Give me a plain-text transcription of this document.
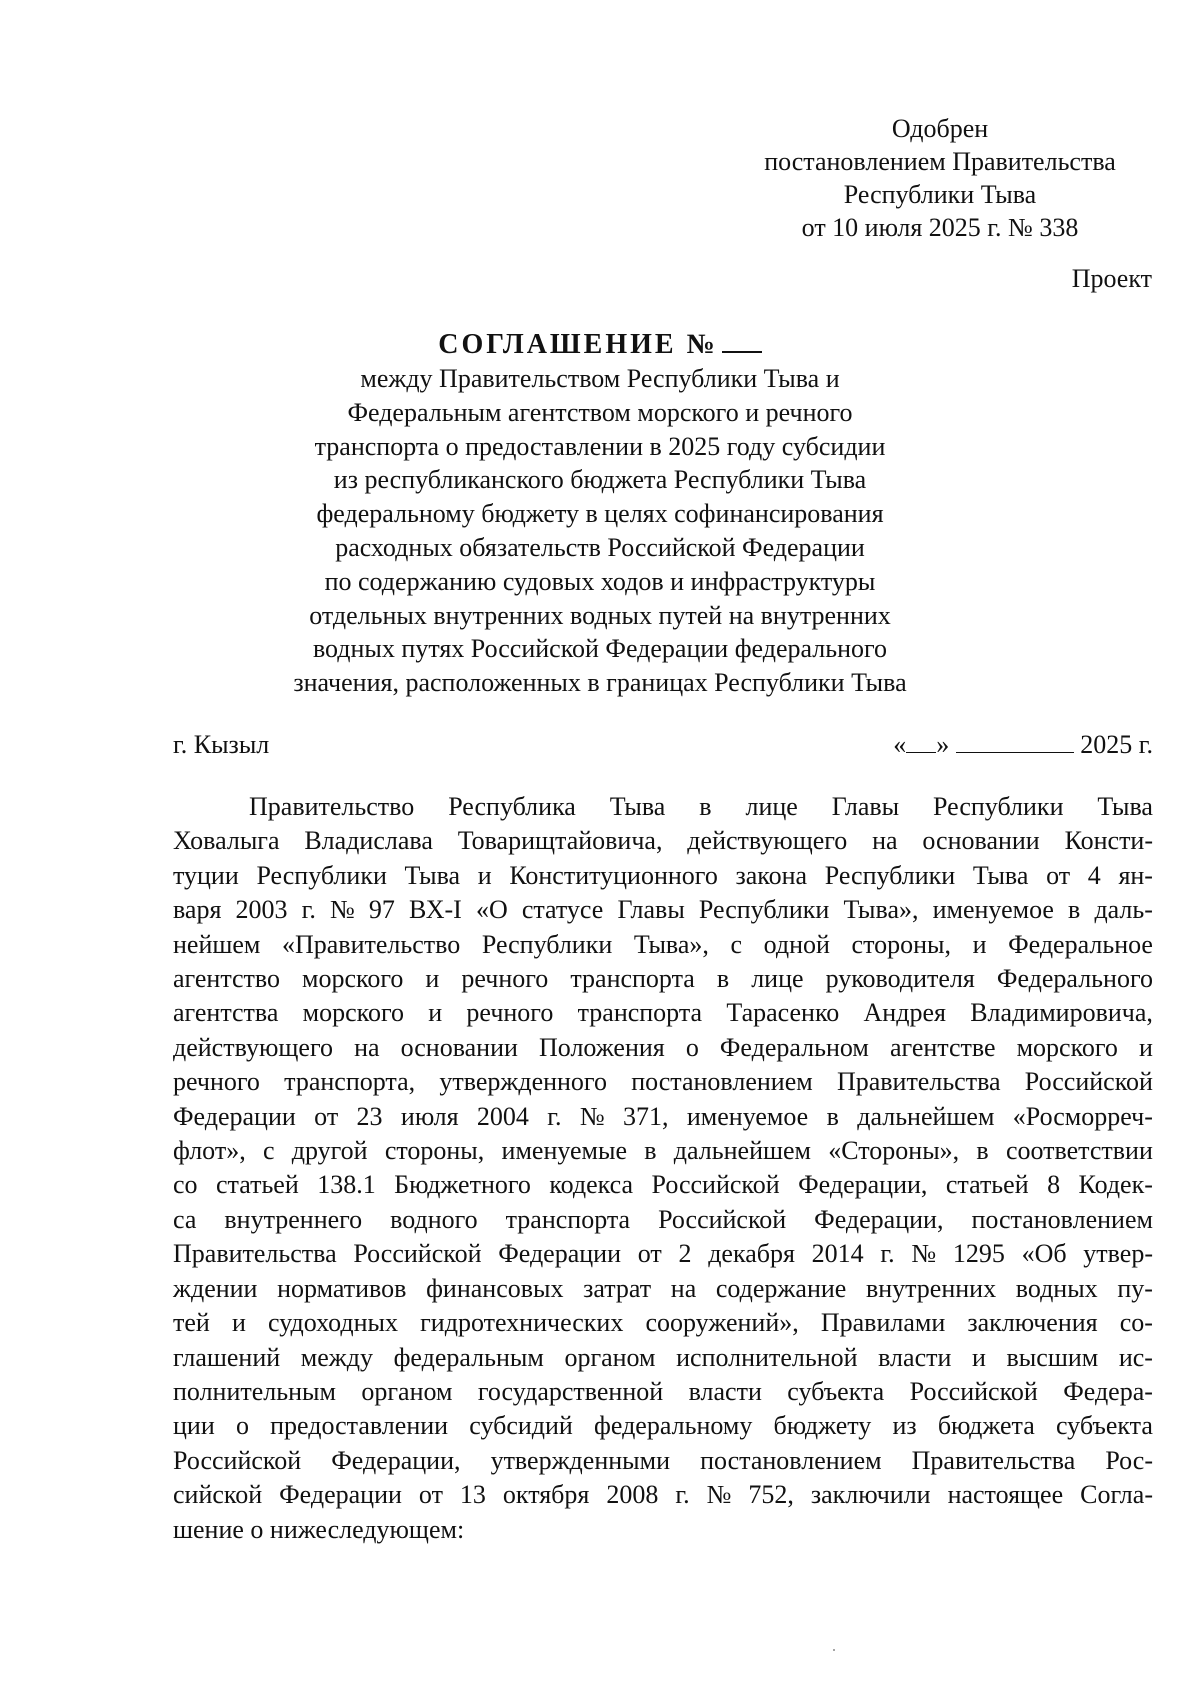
Одобрен
постановлением Правительства
Республики Тыва
от 10 июля 2025 г. № 338
Проект
СОГЛАШЕНИЕ №
между Правительством Республики Тыва и
Федеральным агентством морского и речного
транспорта о предоставлении в 2025 году субсидии
из республиканского бюджета Республики Тыва
федеральному бюджету в целях софинансирования
расходных обязательств Российской Федерации
по содержанию судовых ходов и инфраструктуры
отдельных внутренних водных путей на внутренних
водных путях Российской Федерации федерального
значения, расположенных в границах Республики Тыва
г. Кызыл	« »	2025 г.
Правительство Республика Тыва в лице Главы Республики Тыва
Ховалыга Владислава Товарищтайовича, действующего на основании Консти-
туции Республики Тыва и Конституционного закона Республики Тыва от 4 ян-
варя 2003 г. № 97 ВХ-I «О статусе Главы Республики Тыва», именуемое в даль-
нейшем «Правительство Республики Тыва», с одной стороны, и Федеральное
агентство морского и речного транспорта в лице руководителя Федерального
агентства морского и речного транспорта Тарасенко Андрея Владимировича,
действующего на основании Положения о Федеральном агентстве морского и
речного транспорта, утвержденного постановлением Правительства Российской
Федерации от 23 июля 2004 г. № 371, именуемое в дальнейшем «Росморреч-
флот», с другой стороны, именуемые в дальнейшем «Стороны», в соответствии
со статьей 138.1 Бюджетного кодекса Российской Федерации, статьей 8 Кодек-
са внутреннего водного транспорта Российской Федерации, постановлением
Правительства Российской Федерации от 2 декабря 2014 г. № 1295 «Об утвер-
ждении нормативов финансовых затрат на содержание внутренних водных пу-
тей и судоходных гидротехнических сооружений», Правилами заключения со-
глашений между федеральным органом исполнительной власти и высшим ис-
полнительным органом государственной власти субъекта Российской Федера-
ции о предоставлении субсидий федеральному бюджету из бюджета субъекта
Российской Федерации, утвержденными постановлением Правительства Рос-
сийской Федерации от 13 октября 2008 г. № 752, заключили настоящее Согла-
шение о нижеследующем:
